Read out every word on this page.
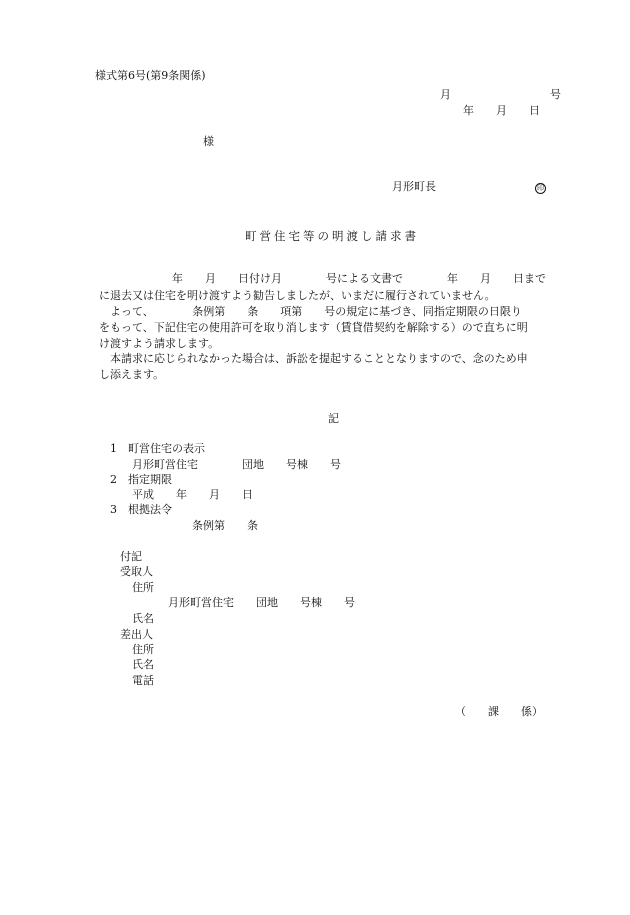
様式第6号(第9条関係)
月　　　　　　　　　号
年　　月　　日
様
月形町長	印
町営住宅等の明渡し請求書
　　　　　年　　月　　日付け月　　　　号による文書で　　　　年　　月　　日まで
に退去又は住宅を明け渡すよう勧告しましたが、いまだに履行されていません。
　よって、　　　　条例第　　条　　項第　　号の規定に基づき、同指定期限の日限り
をもって、下記住宅の使用許可を取り消します（賃貸借契約を解除する）ので直ちに明
け渡すよう請求します。
　本請求に応じられなかった場合は、訴訟を提起することとなりますので、念のため申
し添えます。
記
1　町営住宅の表示
月形町営住宅　　　　団地　　号棟　　号
2　指定期限
平成　　年　　月　　日
3　根拠法令
条例第　　条
付記
受取人
住所
月形町営住宅　　団地　　号棟　　号
氏名
差出人
住所
氏名
電話
（　　課　　係）
